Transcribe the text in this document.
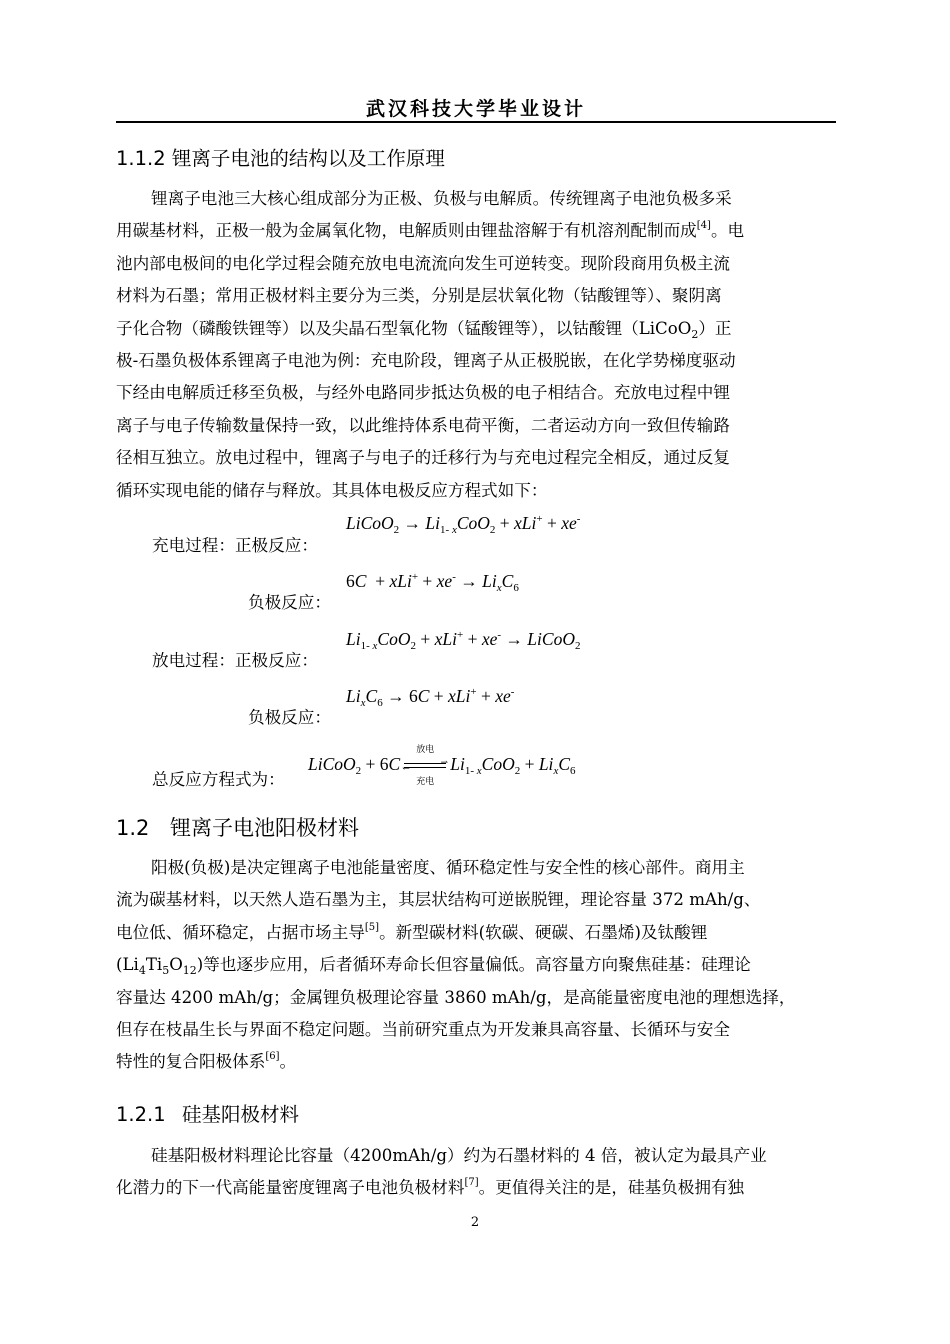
武汉科技大学毕业设计
1.1.2 锂离子电池的结构以及工作原理
锂离子电池三大核心组成部分为正极、负极与电解质。传统锂离子电池负极多采
用碳基材料，正极一般为金属氧化物，电解质则由锂盐溶解于有机溶剂配制而成[4]。电
池内部电极间的电化学过程会随充放电电流流向发生可逆转变。现阶段商用负极主流
材料为石墨；常用正极材料主要分为三类，分别是层状氧化物（钴酸锂等）、聚阴离
子化合物（磷酸铁锂等）以及尖晶石型氧化物（锰酸锂等），以钴酸锂（LiCoO$_2$）正
极-石墨负极体系锂离子电池为例：充电阶段，锂离子从正极脱嵌，在化学势梯度驱动
下经由电解质迁移至负极，与经外电路同步抵达负极的电子相结合。充放电过程中锂
离子与电子传输数量保持一致，以此维持体系电荷平衡，二者运动方向一致但传输路
径相互独立。放电过程中，锂离子与电子的迁移行为与充电过程完全相反，通过反复
循环实现电能的储存与释放。其具体电极反应方程式如下：
充电过程：正极反应：
LiCoO$_2$ → $Li_{1- x}CoO_2 + xLi^+ + xe^-$
负极反应：
$6C + xLi^+ + xe^- \to Li_xC_6$
放电过程：正极反应：
$Li_{1- x}CoO_2 + xLi^+ + xe^-$ → LiCoO$_2$
负极反应：
$Li_xC_6 \to 6C + xLi^+ + xe^-$
总反应方程式为：
LiCoO$_2$ + 6C
放电
⇀
↽
充电
$Li_{1- x}CoO_2 + Li_xC_6$
1.2 锂离子电池阳极材料
阳极(负极)是决定锂离子电池能量密度、循环稳定性与安全性的核心部件。商用主
流为碳基材料，以天然人造石墨为主，其层状结构可逆嵌脱锂，理论容量 372 mAh/g、
电位低、循环稳定，占据市场主导[5]。新型碳材料(软碳、硬碳、石墨烯)及钛酸锂
$(Li_4Ti_5O_{12})$等也逐步应用，后者循环寿命长但容量偏低。高容量方向聚焦硅基：硅理论
容量达 4200 mAh/g；金属锂负极理论容量 3860 mAh/g，是高能量密度电池的理想选择，
但存在枝晶生长与界面不稳定问题。当前研究重点为开发兼具高容量、长循环与安全
特性的复合阳极体系[6]。
1.2.1 硅基阳极材料
硅基阳极材料理论比容量（4200mAh/g）约为石墨材料的 4 倍，被认定为最具产业
化潜力的下一代高能量密度锂离子电池负极材料[7]。更值得关注的是，硅基负极拥有独
2
